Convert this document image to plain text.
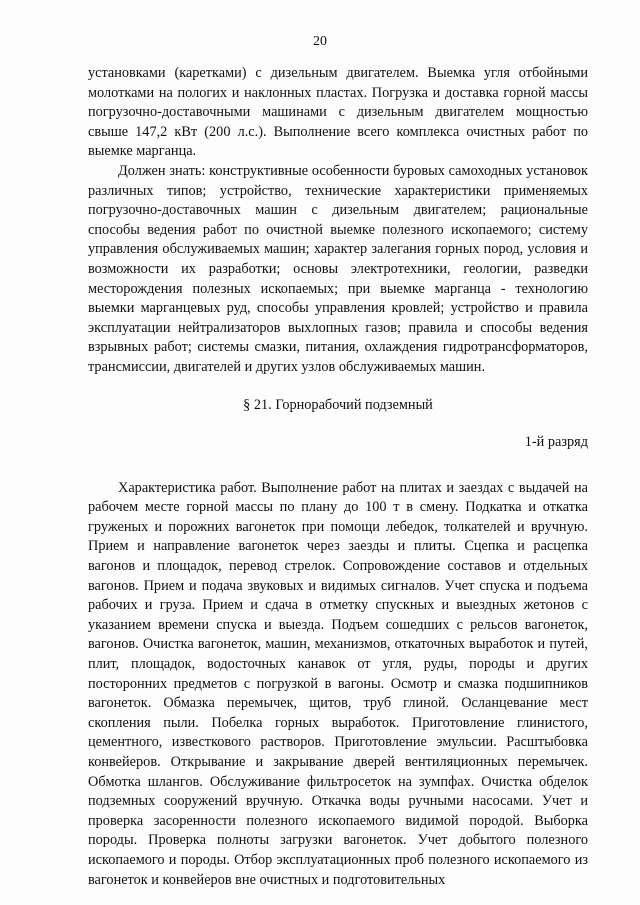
20

установками (каретками) с дизельным двигателем. Выемка угля отбойными молотками на пологих и наклонных пластах. Погрузка и доставка горной массы погрузочно-доставочными машинами с дизельным двигателем мощностью свыше 147,2 кВт (200 л.с.). Выполнение всего комплекса очистных работ по выемке марганца.

Должен знать: конструктивные особенности буровых самоходных установок различных типов; устройство, технические характеристики применяемых погрузочно-доставочных машин с дизельным двигателем; рациональные способы ведения работ по очистной выемке полезного ископаемого; систему управления обслуживаемых машин; характер залегания горных пород, условия и возможности их разработки; основы электротехники, геологии, разведки месторождения полезных ископаемых; при выемке марганца - технологию выемки марганцевых руд, способы управления кровлей; устройство и правила эксплуатации нейтрализаторов выхлопных газов; правила и способы ведения взрывных работ; системы смазки, питания, охлаждения гидротрансформаторов, трансмиссии, двигателей и других узлов обслуживаемых машин.

§ 21. Горнорабочий подземный
1-й разряд

Характеристика работ. Выполнение работ на плитах и заездах с выдачей на рабочем месте горной массы по плану до 100 т в смену. Подкатка и откатка груженых и порожних вагонеток при помощи лебедок, толкателей и вручную. Прием и направление вагонеток через заезды и плиты. Сцепка и расцепка вагонов и площадок, перевод стрелок. Сопровождение составов и отдельных вагонов. Прием и подача звуковых и видимых сигналов. Учет спуска и подъема рабочих и груза. Прием и сдача в отметку спускных и выездных жетонов с указанием времени спуска и выезда. Подъем сошедших с рельсов вагонеток, вагонов. Очистка вагонеток, машин, механизмов, откаточных выработок и путей, плит, площадок, водосточных канавок от угля, руды, породы и других посторонних предметов с погрузкой в вагоны. Осмотр и смазка подшипников вагонеток. Обмазка перемычек, щитов, труб глиной. Осланцевание мест скопления пыли. Побелка горных выработок. Приготовление глинистого, цементного, известкового растворов. Приготовление эмульсии. Расштыбовка конвейеров. Открывание и закрывание дверей вентиляционных перемычек. Обмотка шлангов. Обслуживание фильтросеток на зумпфах. Очистка обделок подземных сооружений вручную. Откачка воды ручными насосами. Учет и проверка засоренности полезного ископаемого видимой породой. Выборка породы. Проверка полноты загрузки вагонеток. Учет добытого полезного ископаемого и породы. Отбор эксплуатационных проб полезного ископаемого из вагонеток и конвейеров вне очистных и подготовительных
